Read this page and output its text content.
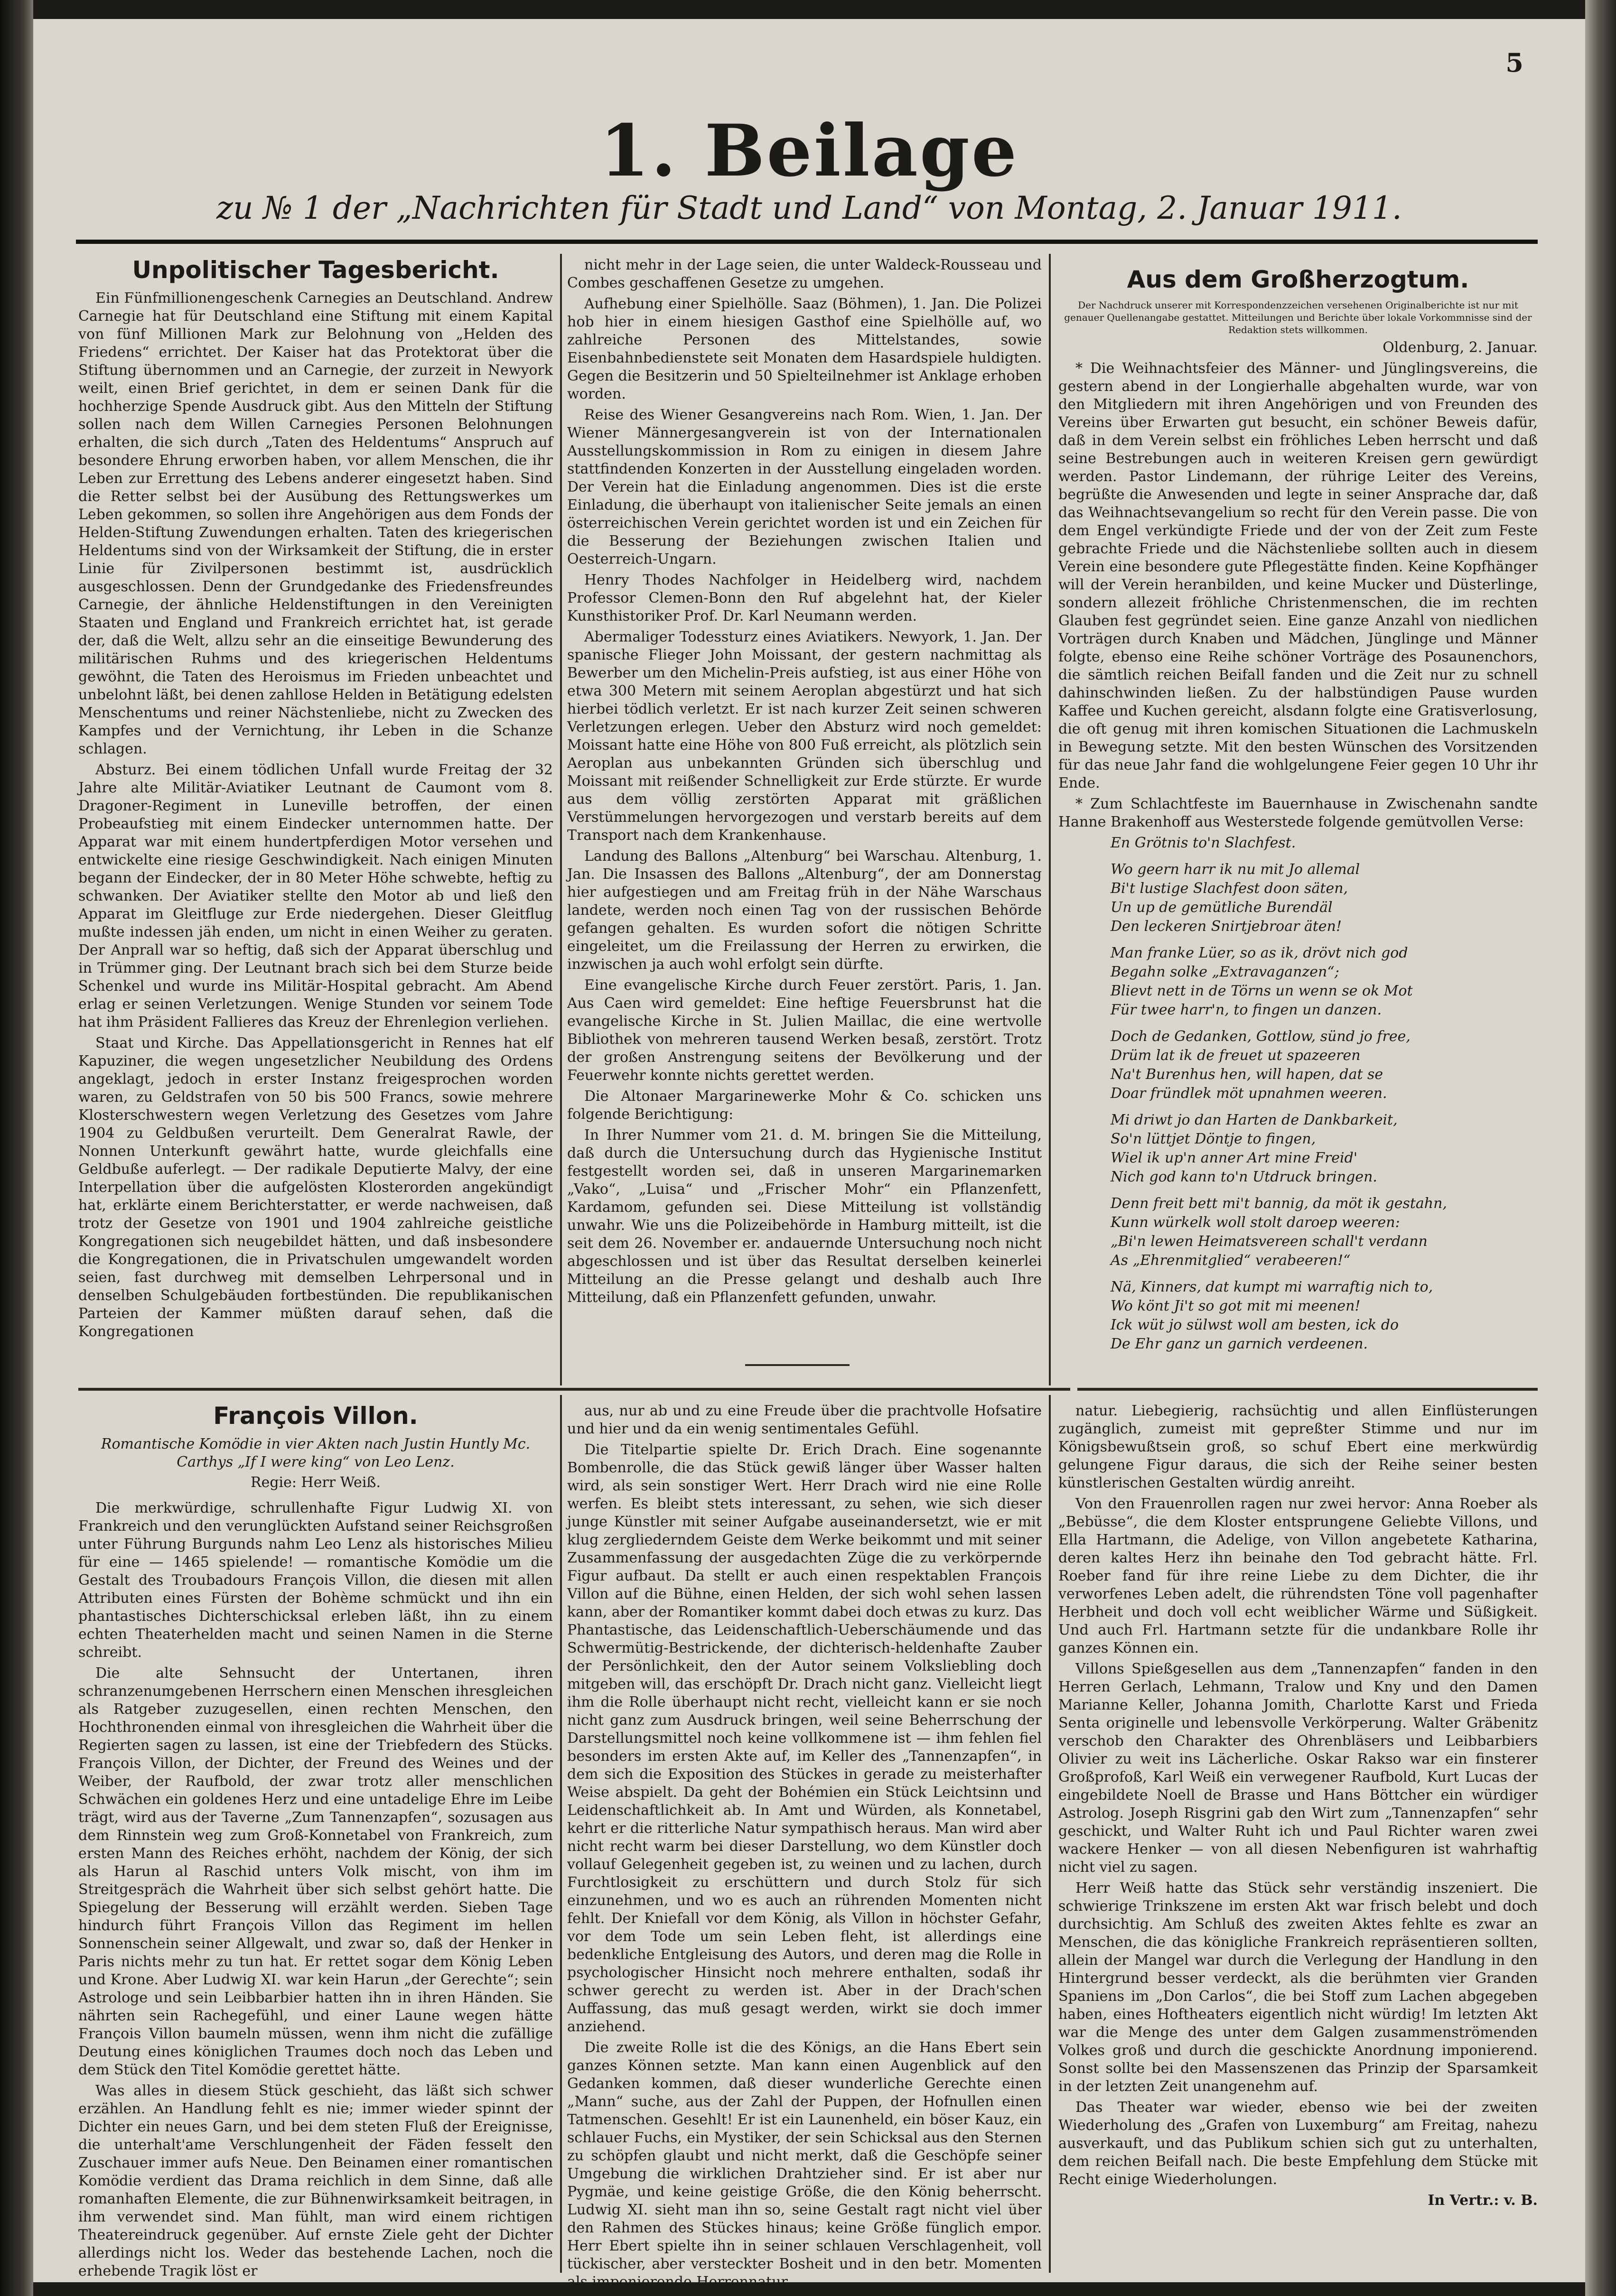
5
1. Beilage
zu № 1 der „Nachrichten für Stadt und Land“ von Montag, 2. Januar 1911.
Unpolitischer Tagesbericht.

Ein Fünfmillionengeschenk Carnegies an Deutschland. Andrew Carnegie hat für Deutschland eine Stiftung mit einem Kapital von fünf Millionen Mark zur Belohnung von „Helden des Friedens“ errichtet. Der Kaiser hat das Protektorat über die Stiftung übernommen und an Carnegie, der zurzeit in Newyork weilt, einen Brief gerichtet, in dem er seinen Dank für die hochherzige Spende Ausdruck gibt. Aus den Mitteln der Stiftung sollen nach dem Willen Carnegies Personen Belohnungen erhalten, die sich durch „Taten des Heldentums“ Anspruch auf besondere Ehrung erworben haben, vor allem Menschen, die ihr Leben zur Errettung des Lebens anderer eingesetzt haben. Sind die Retter selbst bei der Ausübung des Rettungswerkes um Leben gekommen, so sollen ihre Angehörigen aus dem Fonds der Helden-Stiftung Zuwendungen erhalten. Taten des kriegerischen Heldentums sind von der Wirksamkeit der Stiftung, die in erster Linie für Zivilpersonen bestimmt ist, ausdrücklich ausgeschlossen. Denn der Grundgedanke des Friedensfreundes Carnegie, der ähnliche Heldenstiftungen in den Vereinigten Staaten und England und Frankreich errichtet hat, ist gerade der, daß die Welt, allzu sehr an die einseitige Bewunderung des militärischen Ruhms und des kriegerischen Heldentums gewöhnt, die Taten des Heroismus im Frieden unbeachtet und unbelohnt läßt, bei denen zahllose Helden in Betätigung edelsten Menschentums und reiner Nächstenliebe, nicht zu Zwecken des Kampfes und der Vernichtung, ihr Leben in die Schanze schlagen.

Absturz. Bei einem tödlichen Unfall wurde Freitag der 32 Jahre alte Militär-Aviatiker Leutnant de Caumont vom 8. Dragoner-Regiment in Luneville betroffen, der einen Probeaufstieg mit einem Eindecker unternommen hatte. Der Apparat war mit einem hundertpferdigen Motor versehen und entwickelte eine riesige Geschwindigkeit. Nach einigen Minuten begann der Eindecker, der in 80 Meter Höhe schwebte, heftig zu schwanken. Der Aviatiker stellte den Motor ab und ließ den Apparat im Gleitfluge zur Erde niedergehen. Dieser Gleitflug mußte indessen jäh enden, um nicht in einen Weiher zu geraten. Der Anprall war so heftig, daß sich der Apparat überschlug und in Trümmer ging. Der Leutnant brach sich bei dem Sturze beide Schenkel und wurde ins Militär-Hospital gebracht. Am Abend erlag er seinen Verletzungen. Wenige Stunden vor seinem Tode hat ihm Präsident Fallieres das Kreuz der Ehrenlegion verliehen.

Staat und Kirche. Das Appellationsgericht in Rennes hat elf Kapuziner, die wegen ungesetzlicher Neubildung des Ordens angeklagt, jedoch in erster Instanz freigesprochen worden waren, zu Geldstrafen von 50 bis 500 Francs, sowie mehrere Klosterschwestern wegen Verletzung des Gesetzes vom Jahre 1904 zu Geldbußen verurteilt. Dem Generalrat Rawle, der Nonnen Unterkunft gewährt hatte, wurde gleichfalls eine Geldbuße auferlegt. — Der radikale Deputierte Malvy, der eine Interpellation über die aufgelösten Klosterorden angekündigt hat, erklärte einem Berichterstatter, er werde nachweisen, daß trotz der Gesetze von 1901 und 1904 zahlreiche geistliche Kongregationen sich neugebildet hätten, und daß insbesondere die Kongregationen, die in Privatschulen umgewandelt worden seien, fast durchweg mit demselben Lehrpersonal und in denselben Schulgebäuden fortbestünden. Die republikanischen Parteien der Kammer müßten darauf sehen, daß die Kongregationen

nicht mehr in der Lage seien, die unter Waldeck-Rousseau und Combes geschaffenen Gesetze zu umgehen.

Aufhebung einer Spielhölle. Saaz (Böhmen), 1. Jan. Die Polizei hob hier in einem hiesigen Gasthof eine Spielhölle auf, wo zahlreiche Personen des Mittelstandes, sowie Eisenbahnbedienstete seit Monaten dem Hasardspiele huldigten. Gegen die Besitzerin und 50 Spielteilnehmer ist Anklage erhoben worden.

Reise des Wiener Gesangvereins nach Rom. Wien, 1. Jan. Der Wiener Männergesangverein ist von der Internationalen Ausstellungskommission in Rom zu einigen in diesem Jahre stattfindenden Konzerten in der Ausstellung eingeladen worden. Der Verein hat die Einladung angenommen. Dies ist die erste Einladung, die überhaupt von italienischer Seite jemals an einen österreichischen Verein gerichtet worden ist und ein Zeichen für die Besserung der Beziehungen zwischen Italien und Oesterreich-Ungarn.

Henry Thodes Nachfolger in Heidelberg wird, nachdem Professor Clemen-Bonn den Ruf abgelehnt hat, der Kieler Kunsthistoriker Prof. Dr. Karl Neumann werden.

Abermaliger Todessturz eines Aviatikers. Newyork, 1. Jan. Der spanische Flieger John Moissant, der gestern nachmittag als Bewerber um den Michelin-Preis aufstieg, ist aus einer Höhe von etwa 300 Metern mit seinem Aeroplan abgestürzt und hat sich hierbei tödlich verletzt. Er ist nach kurzer Zeit seinen schweren Verletzungen erlegen. Ueber den Absturz wird noch gemeldet: Moissant hatte eine Höhe von 800 Fuß erreicht, als plötzlich sein Aeroplan aus unbekannten Gründen sich überschlug und Moissant mit reißender Schnelligkeit zur Erde stürzte. Er wurde aus dem völlig zerstörten Apparat mit gräßlichen Verstümmelungen hervorgezogen und verstarb bereits auf dem Transport nach dem Krankenhause.

Landung des Ballons „Altenburg“ bei Warschau. Altenburg, 1. Jan. Die Insassen des Ballons „Altenburg“, der am Donnerstag hier aufgestiegen und am Freitag früh in der Nähe Warschaus landete, werden noch einen Tag von der russischen Behörde gefangen gehalten. Es wurden sofort die nötigen Schritte eingeleitet, um die Freilassung der Herren zu erwirken, die inzwischen ja auch wohl erfolgt sein dürfte.

Eine evangelische Kirche durch Feuer zerstört. Paris, 1. Jan. Aus Caen wird gemeldet: Eine heftige Feuersbrunst hat die evangelische Kirche in St. Julien Maillac, die eine wertvolle Bibliothek von mehreren tausend Werken besaß, zerstört. Trotz der großen Anstrengung seitens der Bevölkerung und der Feuerwehr konnte nichts gerettet werden.

Die Altonaer Margarinewerke Mohr & Co. schicken uns folgende Berichtigung:

In Ihrer Nummer vom 21. d. M. bringen Sie die Mitteilung, daß durch die Untersuchung durch das Hygienische Institut festgestellt worden sei, daß in unseren Margarinemarken „Vako“, „Luisa“ und „Frischer Mohr“ ein Pflanzenfett, Kardamom, gefunden sei. Diese Mitteilung ist vollständig unwahr. Wie uns die Polizeibehörde in Hamburg mitteilt, ist die seit dem 26. November er. andauernde Untersuchung noch nicht abgeschlossen und ist über das Resultat derselben keinerlei Mitteilung an die Presse gelangt und deshalb auch Ihre Mitteilung, daß ein Pflanzenfett gefunden, unwahr.

Aus dem Großherzogtum.

Der Nachdruck unserer mit Korrespondenzzeichen versehenen Originalberichte ist nur mit genauer Quellenangabe gestattet. Mitteilungen und Berichte über lokale Vorkommnisse sind der Redaktion stets willkommen.

Oldenburg, 2. Januar.

* Die Weihnachtsfeier des Männer- und Jünglingsvereins, die gestern abend in der Longierhalle abgehalten wurde, war von den Mitgliedern mit ihren Angehörigen und von Freunden des Vereins über Erwarten gut besucht, ein schöner Beweis dafür, daß in dem Verein selbst ein fröhliches Leben herrscht und daß seine Bestrebungen auch in weiteren Kreisen gern gewürdigt werden. Pastor Lindemann, der rührige Leiter des Vereins, begrüßte die Anwesenden und legte in seiner Ansprache dar, daß das Weihnachtsevangelium so recht für den Verein passe. Die von dem Engel verkündigte Friede und der von der Zeit zum Feste gebrachte Friede und die Nächstenliebe sollten auch in diesem Verein eine besondere gute Pflegestätte finden. Keine Kopfhänger will der Verein heranbilden, und keine Mucker und Düsterlinge, sondern allezeit fröhliche Christenmenschen, die im rechten Glauben fest gegründet seien. Eine ganze Anzahl von niedlichen Vorträgen durch Knaben und Mädchen, Jünglinge und Männer folgte, ebenso eine Reihe schöner Vorträge des Posaunenchors, die sämtlich reichen Beifall fanden und die Zeit nur zu schnell dahinschwinden ließen. Zu der halbstündigen Pause wurden Kaffee und Kuchen gereicht, alsdann folgte eine Gratisverlosung, die oft genug mit ihren komischen Situationen die Lachmuskeln in Bewegung setzte. Mit den besten Wünschen des Vorsitzenden für das neue Jahr fand die wohlgelungene Feier gegen 10 Uhr ihr Ende.

* Zum Schlachtfeste im Bauernhause in Zwischenahn sandte Hanne Brakenhoff aus Westerstede folgende gemütvollen Verse:

En Grötnis to'n Slachfest.
Wo geern harr ik nu mit Jo allemal
Bi't lustige Slachfest doon säten,
Un up de gemütliche Burendäl
Den leckeren Snirtjebroar äten!
Man franke Lüer, so as ik, drövt nich god
Begahn solke „Extravaganzen“;
Blievt nett in de Törns un wenn se ok Mot
Für twee harr'n, to fingen un danzen.
Doch de Gedanken, Gottlow, sünd jo free,
Drüm lat ik de freuet ut spazeeren
Na't Burenhus hen, will hapen, dat se
Doar fründlek möt upnahmen weeren.
Mi driwt jo dan Harten de Dankbarkeit,
So'n lüttjet Döntje to fingen,
Wiel ik up'n anner Art mine Freid'
Nich god kann to'n Utdruck bringen.
Denn freit bett mi't bannig, da möt ik gestahn,
Kunn würkelk woll stolt daroep weeren:
„Bi'n lewen Heimatsvereen schall't verdann
As „Ehrenmitglied“ verabeeren!“
Nä, Kinners, dat kumpt mi warraftig nich to,
Wo könt Ji't so got mit mi meenen!
Ick wüt jo sülwst woll am besten, ick do
De Ehr ganz un garnich verdeenen.
François Villon.
Romantische Komödie in vier Akten nach Justin Huntly Mc. Carthys „If I were king“ von Leo Lenz.
Regie: Herr Weiß.

Die merkwürdige, schrullenhafte Figur Ludwig XI. von Frankreich und den verunglückten Aufstand seiner Reichsgroßen unter Führung Burgunds nahm Leo Lenz als historisches Milieu für eine — 1465 spielende! — romantische Komödie um die Gestalt des Troubadours François Villon, die diesen mit allen Attributen eines Fürsten der Bohème schmückt und ihn ein phantastisches Dichterschicksal erleben läßt, ihn zu einem echten Theaterhelden macht und seinen Namen in die Sterne schreibt.

Die alte Sehnsucht der Untertanen, ihren schranzenumgebenen Herrschern einen Menschen ihresgleichen als Ratgeber zuzugesellen, einen rechten Menschen, den Hochthronenden einmal von ihresgleichen die Wahrheit über die Regierten sagen zu lassen, ist eine der Triebfedern des Stücks. François Villon, der Dichter, der Freund des Weines und der Weiber, der Raufbold, der zwar trotz aller menschlichen Schwächen ein goldenes Herz und eine untadelige Ehre im Leibe trägt, wird aus der Taverne „Zum Tannenzapfen“, sozusagen aus dem Rinnstein weg zum Groß-Konnetabel von Frankreich, zum ersten Mann des Reiches erhöht, nachdem der König, der sich als Harun al Raschid unters Volk mischt, von ihm im Streitgespräch die Wahrheit über sich selbst gehört hatte. Die Spiegelung der Besserung will erzählt werden. Sieben Tage hindurch führt François Villon das Regiment im hellen Sonnenschein seiner Allgewalt, und zwar so, daß der Henker in Paris nichts mehr zu tun hat. Er rettet sogar dem König Leben und Krone. Aber Ludwig XI. war kein Harun „der Gerechte“; sein Astrologe und sein Leibbarbier hatten ihn in ihren Händen. Sie nährten sein Rachegefühl, und einer Laune wegen hätte François Villon baumeln müssen, wenn ihm nicht die zufällige Deutung eines königlichen Traumes doch noch das Leben und dem Stück den Titel Komödie gerettet hätte.

Was alles in diesem Stück geschieht, das läßt sich schwer erzählen. An Handlung fehlt es nie; immer wieder spinnt der Dichter ein neues Garn, und bei dem steten Fluß der Ereignisse, die unterhalt'ame Verschlungenheit der Fäden fesselt den Zuschauer immer aufs Neue. Den Beinamen einer romantischen Komödie verdient das Drama reichlich in dem Sinne, daß alle romanhaften Elemente, die zur Bühnenwirksamkeit beitragen, in ihm verwendet sind. Man fühlt, man wird einem richtigen Theatereindruck gegenüber. Auf ernste Ziele geht der Dichter allerdings nicht los. Weder das bestehende Lachen, noch die erhebende Tragik löst er

aus, nur ab und zu eine Freude über die prachtvolle Hofsatire und hier und da ein wenig sentimentales Gefühl.

Die Titelpartie spielte Dr. Erich Drach. Eine sogenannte Bombenrolle, die das Stück gewiß länger über Wasser halten wird, als sein sonstiger Wert. Herr Drach wird nie eine Rolle werfen. Es bleibt stets interessant, zu sehen, wie sich dieser junge Künstler mit seiner Aufgabe auseinandersetzt, wie er mit klug zergliederndem Geiste dem Werke beikommt und mit seiner Zusammenfassung der ausgedachten Züge die zu verkörpernde Figur aufbaut. Da stellt er auch einen respektablen François Villon auf die Bühne, einen Helden, der sich wohl sehen lassen kann, aber der Romantiker kommt dabei doch etwas zu kurz. Das Phantastische, das Leidenschaftlich-Ueberschäumende und das Schwermütig-Bestrickende, der dichterisch-heldenhafte Zauber der Persönlichkeit, den der Autor seinem Volksliebling doch mitgeben will, das erschöpft Dr. Drach nicht ganz. Vielleicht liegt ihm die Rolle überhaupt nicht recht, vielleicht kann er sie noch nicht ganz zum Ausdruck bringen, weil seine Beherrschung der Darstellungsmittel noch keine vollkommene ist — ihm fehlen fiel besonders im ersten Akte auf, im Keller des „Tannenzapfen“, in dem sich die Exposition des Stückes in gerade zu meisterhafter Weise abspielt. Da geht der Bohémien ein Stück Leichtsinn und Leidenschaftlichkeit ab. In Amt und Würden, als Konnetabel, kehrt er die ritterliche Natur sympathisch heraus. Man wird aber nicht recht warm bei dieser Darstellung, wo dem Künstler doch vollauf Gelegenheit gegeben ist, zu weinen und zu lachen, durch Furchtlosigkeit zu erschüttern und durch Stolz für sich einzunehmen, und wo es auch an rührenden Momenten nicht fehlt. Der Kniefall vor dem König, als Villon in höchster Gefahr, vor dem Tode um sein Leben fleht, ist allerdings eine bedenkliche Entgleisung des Autors, und deren mag die Rolle in psychologischer Hinsicht noch mehrere enthalten, sodaß ihr schwer gerecht zu werden ist. Aber in der Drach'schen Auffassung, das muß gesagt werden, wirkt sie doch immer anziehend.

Die zweite Rolle ist die des Königs, an die Hans Ebert sein ganzes Können setzte. Man kann einen Augenblick auf den Gedanken kommen, daß dieser wunderliche Gerechte einen „Mann“ suche, aus der Zahl der Puppen, der Hofnullen einen Tatmenschen. Gesehlt! Er ist ein Launenheld, ein böser Kauz, ein schlauer Fuchs, ein Mystiker, der sein Schicksal aus den Sternen zu schöpfen glaubt und nicht merkt, daß die Geschöpfe seiner Umgebung die wirklichen Drahtzieher sind. Er ist aber nur Pygmäe, und keine geistige Größe, die den König beherrscht. Ludwig XI. sieht man ihn so, seine Gestalt ragt nicht viel über den Rahmen des Stückes hinaus; keine Größe fünglich empor. Herr Ebert spielte ihn in seiner schlauen Verschlagenheit, voll tückischer, aber versteckter Bosheit und in den betr. Momenten als imponierende Herrennatur.

natur. Liebegierig, rachsüchtig und allen Einflüsterungen zugänglich, zumeist mit gepreßter Stimme und nur im Königsbewußtsein groß, so schuf Ebert eine merkwürdig gelungene Figur daraus, die sich der Reihe seiner besten künstlerischen Gestalten würdig anreiht.

Von den Frauenrollen ragen nur zwei hervor: Anna Roeber als „Bebüsse“, die dem Kloster entsprungene Geliebte Villons, und Ella Hartmann, die Adelige, von Villon angebetete Katharina, deren kaltes Herz ihn beinahe den Tod gebracht hätte. Frl. Roeber fand für ihre reine Liebe zu dem Dichter, die ihr verworfenes Leben adelt, die rührendsten Töne voll pagenhafter Herbheit und doch voll echt weiblicher Wärme und Süßigkeit. Und auch Frl. Hartmann setzte für die undankbare Rolle ihr ganzes Können ein.

Villons Spießgesellen aus dem „Tannenzapfen“ fanden in den Herren Gerlach, Lehmann, Tralow und Kny und den Damen Marianne Keller, Johanna Jomith, Charlotte Karst und Frieda Senta originelle und lebensvolle Verkörperung. Walter Gräbenitz verschob den Charakter des Ohrenbläsers und Leibbarbiers Olivier zu weit ins Lächerliche. Oskar Rakso war ein finsterer Großprofoß, Karl Weiß ein verwegener Raufbold, Kurt Lucas der eingebildete Noell de Brasse und Hans Böttcher ein würdiger Astrolog. Joseph Risgrini gab den Wirt zum „Tannenzapfen“ sehr geschickt, und Walter Ruht ich und Paul Richter waren zwei wackere Henker — von all diesen Nebenfiguren ist wahrhaftig nicht viel zu sagen.

Herr Weiß hatte das Stück sehr verständig inszeniert. Die schwierige Trinkszene im ersten Akt war frisch belebt und doch durchsichtig. Am Schluß des zweiten Aktes fehlte es zwar an Menschen, die das königliche Frankreich repräsentieren sollten, allein der Mangel war durch die Verlegung der Handlung in den Hintergrund besser verdeckt, als die berühmten vier Granden Spaniens im „Don Carlos“, die bei Stoff zum Lachen abgegeben haben, eines Hoftheaters eigentlich nicht würdig! Im letzten Akt war die Menge des unter dem Galgen zusammenströmenden Volkes groß und durch die geschickte Anordnung imponierend. Sonst sollte bei den Massenszenen das Prinzip der Sparsamkeit in der letzten Zeit unangenehm auf.

Das Theater war wieder, ebenso wie bei der zweiten Wiederholung des „Grafen von Luxemburg“ am Freitag, nahezu ausverkauft, und das Publikum schien sich gut zu unterhalten, dem reichen Beifall nach. Die beste Empfehlung dem Stücke mit Recht einige Wiederholungen.

In Vertr.: v. B.
